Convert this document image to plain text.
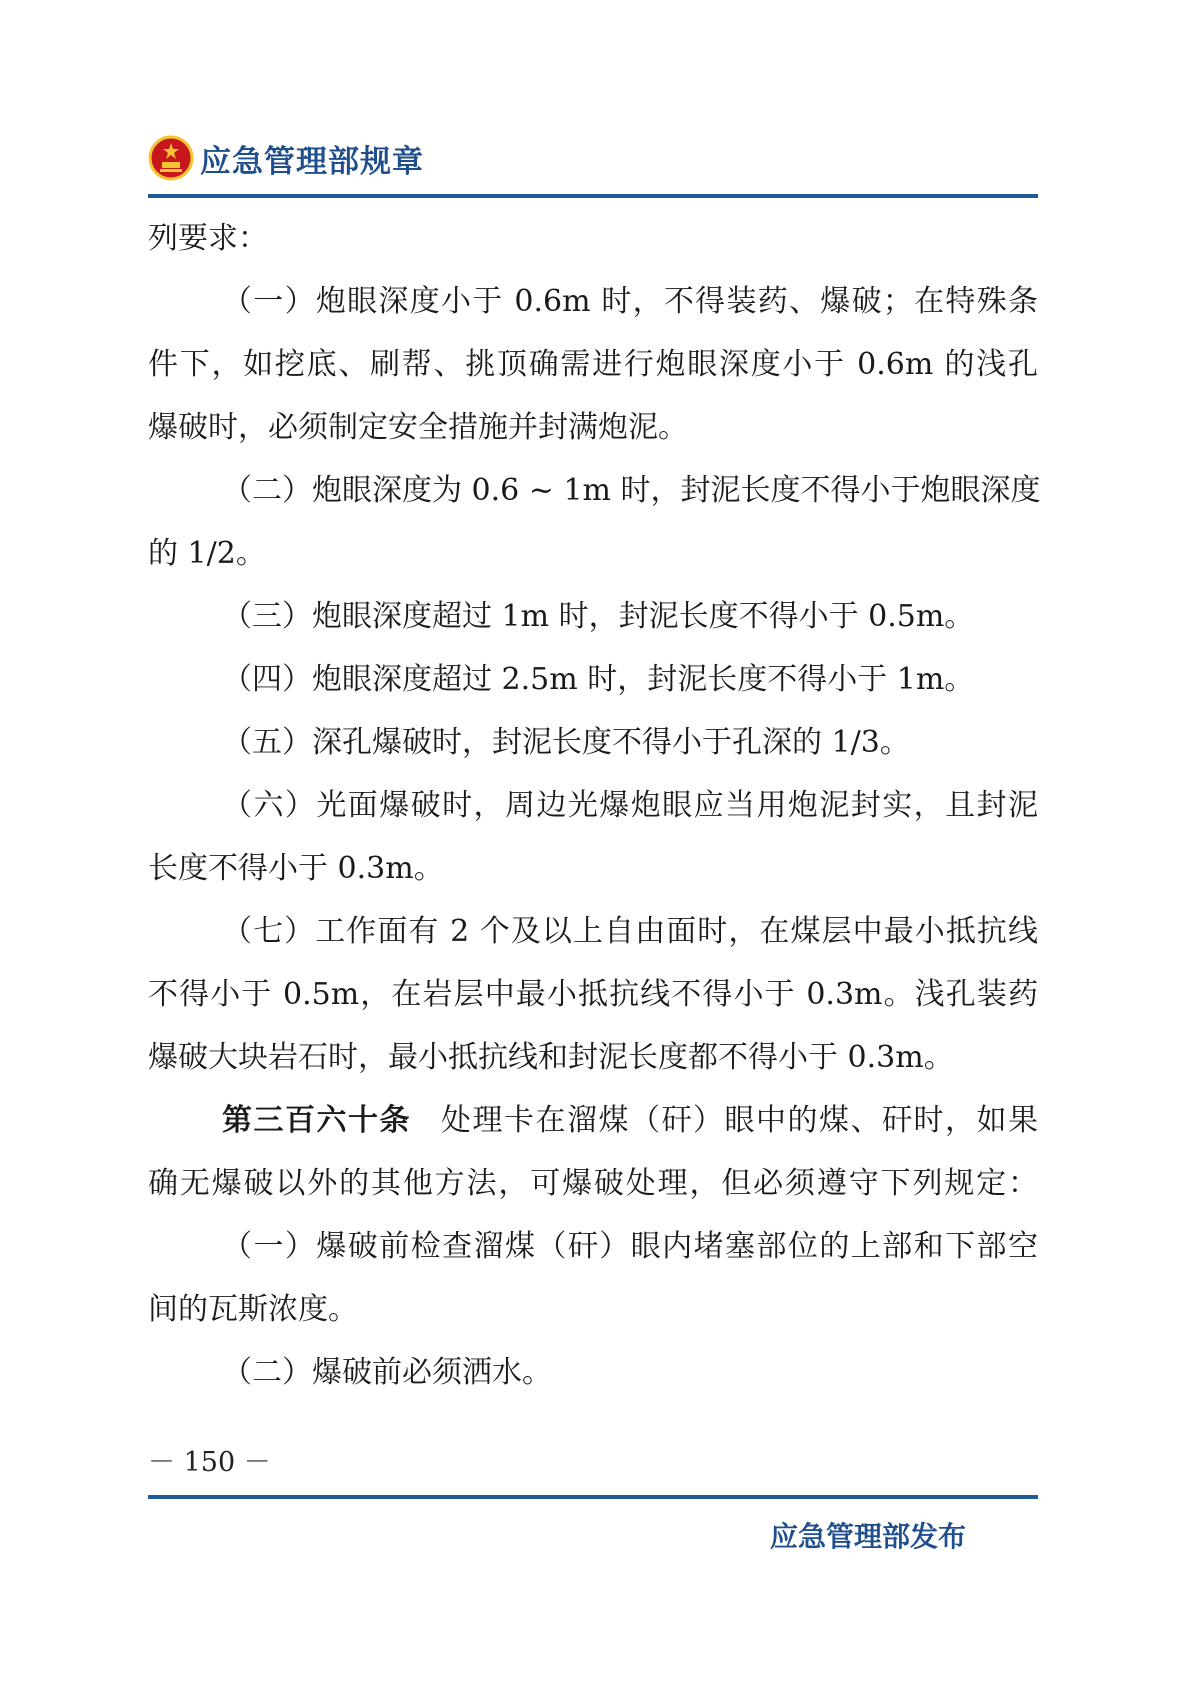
应急管理部规章
列要求：
（一）炮眼深度小于 0.6m 时，不得装药、爆破；在特殊条
件下，如挖底、刷帮、挑顶确需进行炮眼深度小于 0.6m 的浅孔
爆破时，必须制定安全措施并封满炮泥。
（二）炮眼深度为 0.6 ~ 1m 时，封泥长度不得小于炮眼深度
的 1/2。
（三）炮眼深度超过 1m 时，封泥长度不得小于 0.5m。
（四）炮眼深度超过 2.5m 时，封泥长度不得小于 1m。
（五）深孔爆破时，封泥长度不得小于孔深的 1/3。
（六）光面爆破时，周边光爆炮眼应当用炮泥封实，且封泥
长度不得小于 0.3m。
（七）工作面有 2 个及以上自由面时，在煤层中最小抵抗线
不得小于 0.5m，在岩层中最小抵抗线不得小于 0.3m。浅孔装药
爆破大块岩石时，最小抵抗线和封泥长度都不得小于 0.3m。
第三百六十条 处理卡在溜煤（矸）眼中的煤、矸时，如果
确无爆破以外的其他方法，可爆破处理，但必须遵守下列规定：
（一）爆破前检查溜煤（矸）眼内堵塞部位的上部和下部空
间的瓦斯浓度。
（二）爆破前必须洒水。
－ 150 －
应急管理部发布
